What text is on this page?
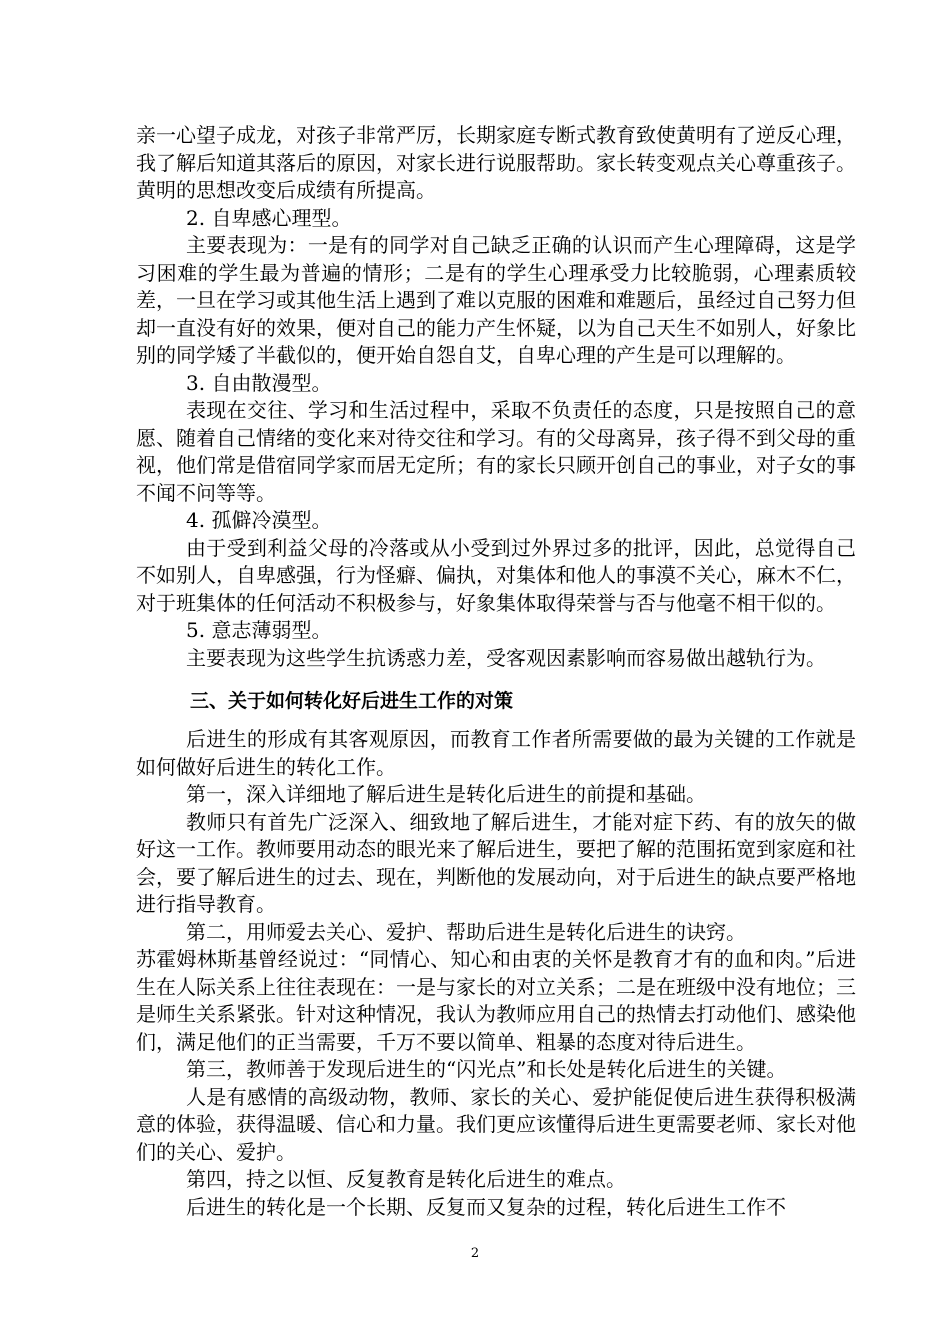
亲一心望子成龙，对孩子非常严厉，长期家庭专断式教育致使黄明有了逆反心理，我了解后知道其落后的原因，对家长进行说服帮助。家长转变观点关心尊重孩子。黄明的思想改变后成绩有所提高。

2. 自卑感心理型。

主要表现为：一是有的同学对自己缺乏正确的认识而产生心理障碍，这是学习困难的学生最为普遍的情形；二是有的学生心理承受力比较脆弱，心理素质较差，一旦在学习或其他生活上遇到了难以克服的困难和难题后，虽经过自己努力但却一直没有好的效果，便对自己的能力产生怀疑，以为自己天生不如别人，好象比别的同学矮了半截似的，便开始自怨自艾，自卑心理的产生是可以理解的。

3. 自由散漫型。

表现在交往、学习和生活过程中，采取不负责任的态度，只是按照自己的意愿、随着自己情绪的变化来对待交往和学习。有的父母离异，孩子得不到父母的重视，他们常是借宿同学家而居无定所；有的家长只顾开创自己的事业，对子女的事不闻不问等等。

4. 孤僻冷漠型。

由于受到利益父母的冷落或从小受到过外界过多的批评，因此，总觉得自己不如别人，自卑感强，行为怪癖、偏执，对集体和他人的事漠不关心，麻木不仁，对于班集体的任何活动不积极参与，好象集体取得荣誉与否与他毫不相干似的。

5. 意志薄弱型。

主要表现为这些学生抗诱惑力差，受客观因素影响而容易做出越轨行为。

三、关于如何转化好后进生工作的对策

后进生的形成有其客观原因，而教育工作者所需要做的最为关键的工作就是如何做好后进生的转化工作。

第一，深入详细地了解后进生是转化后进生的前提和基础。

教师只有首先广泛深入、细致地了解后进生，才能对症下药、有的放矢的做好这一工作。教师要用动态的眼光来了解后进生，要把了解的范围拓宽到家庭和社会，要了解后进生的过去、现在，判断他的发展动向，对于后进生的缺点要严格地进行指导教育。

第二，用师爱去关心、爱护、帮助后进生是转化后进生的诀窍。

苏霍姆林斯基曾经说过：“同情心、知心和由衷的关怀是教育才有的血和肉。”后进生在人际关系上往往表现在：一是与家长的对立关系；二是在班级中没有地位；三是师生关系紧张。针对这种情况，我认为教师应用自己的热情去打动他们、感染他们，满足他们的正当需要，千万不要以简单、粗暴的态度对待后进生。

第三，教师善于发现后进生的“闪光点”和长处是转化后进生的关键。

人是有感情的高级动物，教师、家长的关心、爱护能促使后进生获得积极满意的体验，获得温暖、信心和力量。我们更应该懂得后进生更需要老师、家长对他们的关心、爱护。

第四，持之以恒、反复教育是转化后进生的难点。

后进生的转化是一个长期、反复而又复杂的过程，转化后进生工作不

2
